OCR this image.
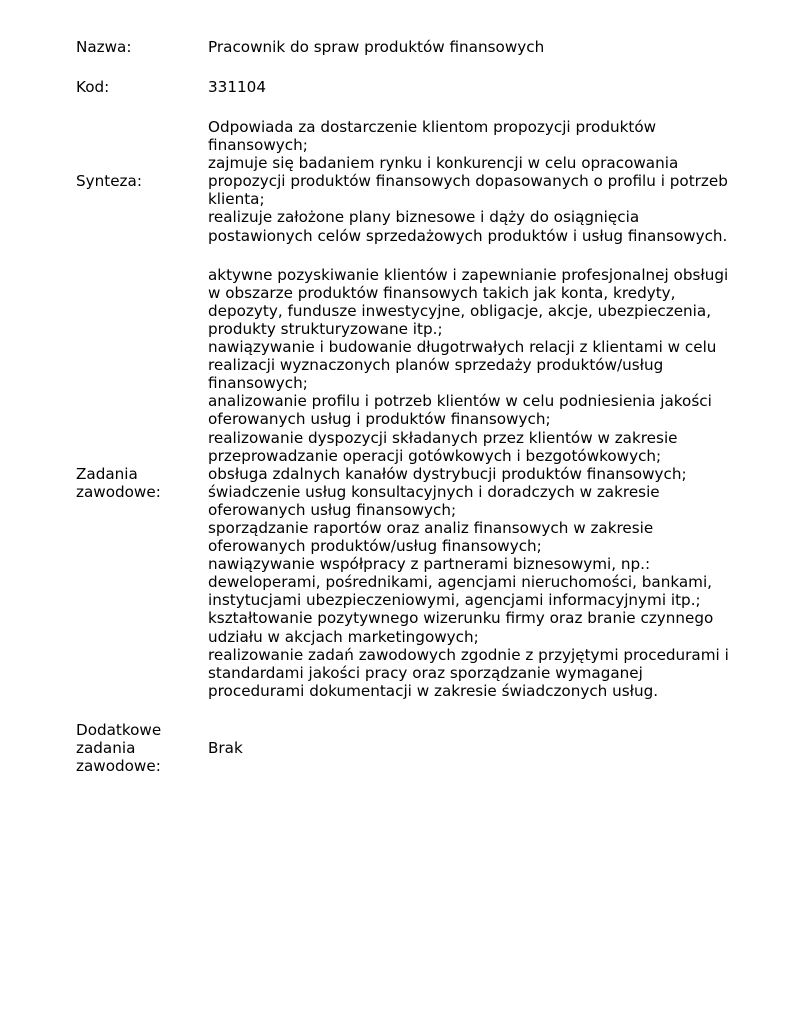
Nazwa:	Pracownik do spraw produktów finansowych
Kod:	331104
Synteza:
Odpowiada za dostarczenie klientom propozycji produktów
finansowych;
zajmuje się badaniem rynku i konkurencji w celu opracowania
propozycji produktów finansowych dopasowanych o profilu i potrzeb
klienta;
realizuje założone plany biznesowe i dąży do osiągnięcia
postawionych celów sprzedażowych produktów i usług finansowych.
Zadania
zawodowe:
aktywne pozyskiwanie klientów i zapewnianie profesjonalnej obsługi
w obszarze produktów finansowych takich jak konta, kredyty,
depozyty, fundusze inwestycyjne, obligacje, akcje, ubezpieczenia,
produkty strukturyzowane itp.;
nawiązywanie i budowanie długotrwałych relacji z klientami w celu
realizacji wyznaczonych planów sprzedaży produktów/usług
finansowych;
analizowanie profilu i potrzeb klientów w celu podniesienia jakości
oferowanych usług i produktów finansowych;
realizowanie dyspozycji składanych przez klientów w zakresie
przeprowadzanie operacji gotówkowych i bezgotówkowych;
obsługa zdalnych kanałów dystrybucji produktów finansowych;
świadczenie usług konsultacyjnych i doradczych w zakresie
oferowanych usług finansowych;
sporządzanie raportów oraz analiz finansowych w zakresie
oferowanych produktów/usług finansowych;
nawiązywanie współpracy z partnerami biznesowymi, np.:
deweloperami, pośrednikami, agencjami nieruchomości, bankami,
instytucjami ubezpieczeniowymi, agencjami informacyjnymi itp.;
kształtowanie pozytywnego wizerunku firmy oraz branie czynnego
udziału w akcjach marketingowych;
realizowanie zadań zawodowych zgodnie z przyjętymi procedurami i
standardami jakości pracy oraz sporządzanie wymaganej
procedurami dokumentacji w zakresie świadczonych usług.
Dodatkowe
zadania
zawodowe:
Brak
